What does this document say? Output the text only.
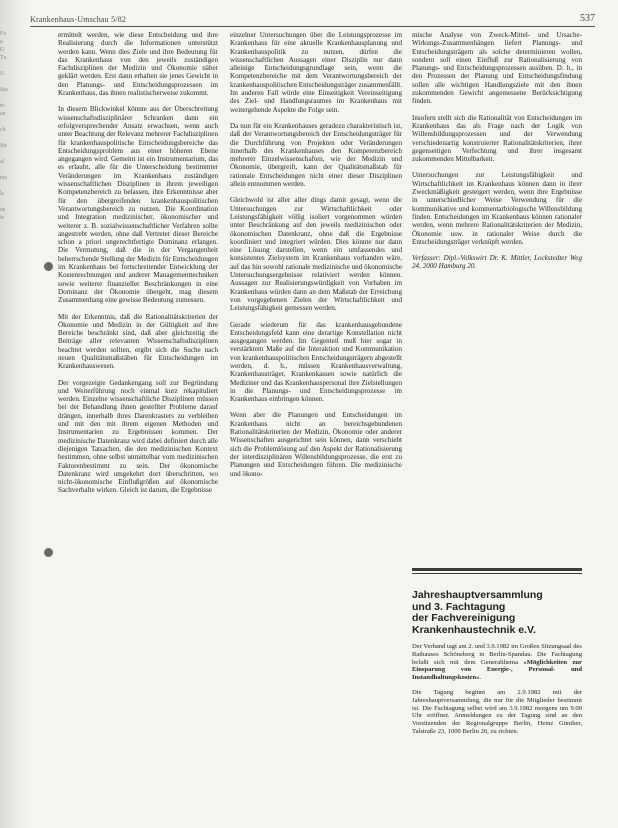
Fo
a
G
Tu
U
Sta
re
an
ch
Stt
al
nis
le
us
te
Krankenhaus-Umschau 5/82	537

ermittelt werden, wie diese Entscheidung und ihre Realisierung durch die Informationen unterstützt werden kann. Wenn dies Ziele und ihre Bedeutung für das Krankenhaus von den jeweils zuständigen Fachdisziplinen der Medizin und Ökonomie näher geklärt werden. Erst dann erhalten sie jenes Gewicht in den Planungs- und Entscheidungsprozessen im Krankenhaus, das ihnen realistischerweise zukommt.

In diesem Blickwinkel könnte aus der Überschreitung wissenschaftsdisziplinärer Schranken dann ein erfolgversprechender Ansatz erwachsen, wenn auch unter Beachtung der Relevanz mehrerer Fachdisziplinen für krankenhauspolitische Entscheidungsbereiche das Entscheidungsproblem aus einer höheren Ebene angegangen wird. Gemeint ist ein Instrumentarium, das es erlaubt, alle für die Unterscheidung bestimmter Veränderungen im Krankenhaus zuständigen wissenschaftlichen Disziplinen in ihrem jeweiligen Kompetenzbereich zu belassen, ihre Erkenntnisse aber für den übergreifenden krankenhauspolitischen Verantwortungsbereich zu nutzen. Die Koordination und Integration medizinischer, ökonomischer und weiterer z. B. sozialwissenschaftlicher Verfahren sollte angestrebt werden, ohne daß Vertreter dieser Bereiche schon a priori ungerechtfertigte Dominanz erlangen. Die Vermutung, daß die in der Vergangenheit beherrschende Stellung der Medizin für Entscheidungen im Krankenhaus bei fortschreitender Entwicklung der Kostenrechnungen und anderer Managementtechniken sowie weiterer finanzieller Beschränkungen in eine Dominanz der Ökonomie übergeht, mag diesem Zusammenhang eine gewisse Bedeutung zumessen.

Mit der Erkenntnis, daß die Rationalitätskriterien der Ökonomie und Medizin in der Gültigkeit auf ihre Bereiche beschränkt sind, daß aber gleichzeitig die Beiträge aller relevanten Wissenschaftsdisziplinen beachtet werden sollten, ergibt sich die Suche nach neuen Qualitätsmaßstäben für Entscheidungen im Krankenhauswesen.

Der vorgezeigte Gedankengang soll zur Begründung und Weiterführung noch einmal kurz rekapituliert werden. Einzelne wissenschaftliche Disziplinen müssen bei der Behandlung ihnen gestellter Probleme darauf drängen, innerhalb ihres Darenkrasters zu verbleiben und mit den mit ihrem eigenen Methoden und Instrumentarien zu Ergebnissen kommen. Der medizinische Datenkranz wird dabei definiert durch alle diejenigen Tatsachen, die den medizinischen Kontext bestimmen, ohne selbst unmittelbar vom medizinischen Faktorenbestimmt zu sein. Der ökonomische Datenkranz wird umgekehrt dort überschritten, wo nicht-ökonomische Einflußgrößen auf ökonomische Sachverhalte wirken. Gleich ist darum, die Ergebnisse

einzelner Untersuchungen über die Leistungsprozesse im Krankenhaus für eine aktuelle Krankenhausplanung und Krankenhauspolitik zu nutzen, dürfen die wissenschaftlichen Aussagen einer Disziplin nur dann alleinige Entscheidungsgrundlage sein, wenn die Kompetenzbereiche mit dem Verantwortungsbereich der krankenhauspolitischen Entscheidungsträger zusammenfällt. Im anderen Fall würde eine Einseitigkeit Vereinseitigung des Ziel- und Handlungsraumes im Krankenhaus mit weitergehende Aspekte die Folge sein.

Da nun für ein Krankenhauses geradezu charakteristisch ist, daß der Verantwortungsbereich der Entscheidungsträger für die Durchführung von Projekten oder Veränderungen innerhalb des Krankenhauses den Kompetenzbereich mehrerer Einzelwissenschaften, wie der Medizin und Ökonomie, übergreift, kann der Qualitätsmaßstab für rationale Entscheidungen nicht einer dieser Disziplinen allein entnommen werden.

Gleichwohl ist aller aller dings damit gesagt, wenn die Untersuchungen zur Wirtschaftlichkeit oder Leistungsfähigkeit völlig isoliert vorgenommen würden unter Beschränkung auf den jeweils medizinischen oder ökonomischen Datenkranz, ohne daß die Ergebnisse koordiniert und integriert würden. Dies könnte nur dann eine Lösung darstellen, wenn ein umfassendes und konsistentes Zielsystem im Krankenhaus vorhanden wäre, auf das hin sowohl rationale medizinische und ökonomische Untersuchungsergebnisse relativiert werden können. Aussagen zur Realisierungswürdigkeit von Vorhaben im Krankenhaus würden dann an dem Maßstab der Erreichung von vorgegebenen Zielen der Wirtschaftlichkeit und Leistungsfähigkeit gemessen werden.

Gerade wiederum für das krankenhausgebundene Entscheidungsfeld kann eine derartige Konstellation nicht ausgegangen werden. Im Gegenteil muß hier sogar in verstärktem Maße auf die Interaktion und Kommunikation von krankenhauspolitischen Entscheidungsträgern abgestellt werden, d. h., müssen Krankenhausverwaltung, Krankenhausträger, Krankenkassen sowie natürlich die Mediziner und das Krankenhauspersonal ihre Zielstellungen in die Planungs- und Entscheidungsprozesse im Krankenhaus einbringen können.

Wenn aber die Planungen und Entscheidungen im Krankenhaus nicht an bereichsgebundenen Rationalitätskriterien der Medizin, Ökonomie oder anderer Wissenschaften ausgerichtet sein können, dann verschiebt sich die Problemlösung auf den Aspekt der Rationalisierung der interdisziplinären Willensbildungsprozesse, die erst zu Planungen und Entscheidungen führen. Die medizinische und ökono-

mische Analyse von Zweck-Mittel- und Ursache-Wirkungs-Zusammenhängen liefert Planungs- und Entscheidungsträgern als solche determinieren wollen, sondern soll einen Einfluß zur Rationalisierung von Planungs- und Entscheidungsprozessen ausüben. D. h., in den Prozessen der Planung und Entscheidungsfindung sollen alle wichtigen Handlungsziele mit den ihnen zukommenden Gewicht angemessene Berücksichtigung finden.

Insofern stellt sich die Rationalität von Entscheidungen im Krankenhaus das als Frage nach der Logik von Willensbildungsprozessen und der Verwendung verschiedenartig konstruierter Rationalitätskriterien, ihrer gegenseitigen Verfechtung und ihrer insgesamt zukommenden Mittelbarkeit.

Untersuchungen zur Leistungsfähigkeit und Wirtschaftlichkeit im Krankenhaus können dann in ihrer Zweckmäßigkeit gesteigert werden, wenn ihre Ergebnisse in unterschiedlicher Weise Verwendung für die kommunikative und kommentarbiologische Willensbildung finden. Entscheidungen im Krankenhaus können rationaler werden, wenn mehrere Rationalitätskriterien der Medizin, Ökonomie usw. in rationaler Weise durch die Entscheidungsträger verknüpft werden.

Verfasser: Dipl.-Volkswirt Dr. K. Mittler, Lockstedter Weg 24, 2000 Hamburg 20.

Jahreshauptversammlung
und 3. Fachtagung
der Fachvereinigung
Krankenhaustechnik e.V.

Der Verband tagt am 2. und 3.9.1982 im Großen Sitzungsaal des Rathauses Schöneberg in Berlin-Spandau. Die Fachtagung befaßt sich mit dem Generalthema »Möglichkeiten zur Einsparung von Energie-, Personal- und Instandhaltungskosten«.

Die Tagung beginnt am 2.9.1982 mit der Jahreshauptversammlung, die nur für die Mitglieder bestimmt ist. Die Fachtagung selbst wird am 3.9.1982 morgens um 9.00 Uhr eröffnet. Anmeldungen zu der Tagung sind an den Vorsitzenden der Regionalgruppe Berlin, Heinz Günther, Talstraße 23, 1000 Berlin 20, zu richten.
